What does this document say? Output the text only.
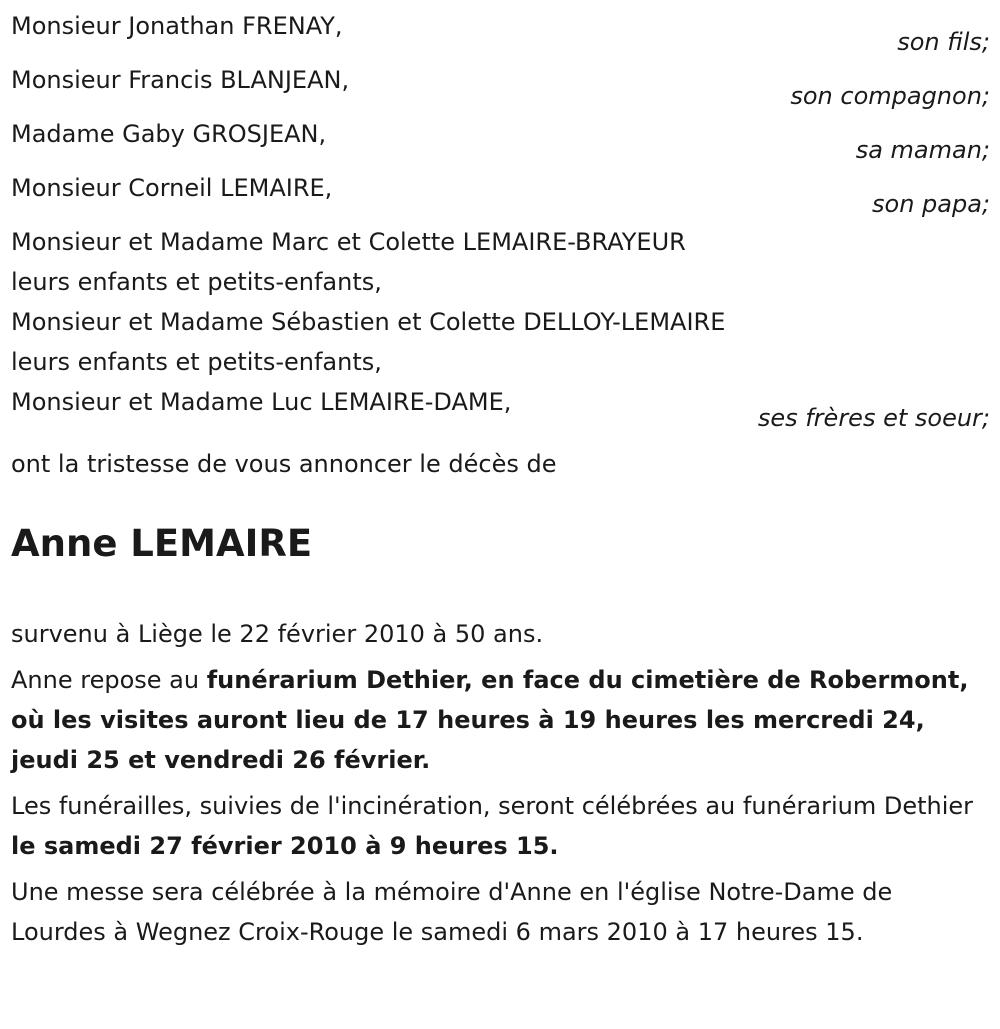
Monsieur Jonathan FRENAY,
son fils;
Monsieur Francis BLANJEAN,
son compagnon;
Madame Gaby GROSJEAN,
sa maman;
Monsieur Corneil LEMAIRE,
son papa;
Monsieur et Madame Marc et Colette LEMAIRE-BRAYEUR
leurs enfants et petits-enfants,
Monsieur et Madame Sébastien et Colette DELLOY-LEMAIRE
leurs enfants et petits-enfants,
Monsieur et Madame Luc LEMAIRE-DAME,
ses frères et soeur;
ont la tristesse de vous annoncer le décès de
Anne LEMAIRE

survenu à Liège le 22 février 2010 à 50 ans.

Anne repose au funérarium Dethier, en face du cimetière de Robermont, où les visites auront lieu de 17 heures à 19 heures les mercredi 24, jeudi 25 et vendredi 26 février.

Les funérailles, suivies de l'incinération, seront célébrées au funérarium Dethier le samedi 27 février 2010 à 9 heures 15.

Une messe sera célébrée à la mémoire d'Anne en l'église Notre-Dame de Lourdes à Wegnez Croix-Rouge le samedi 6 mars 2010 à 17 heures 15.
